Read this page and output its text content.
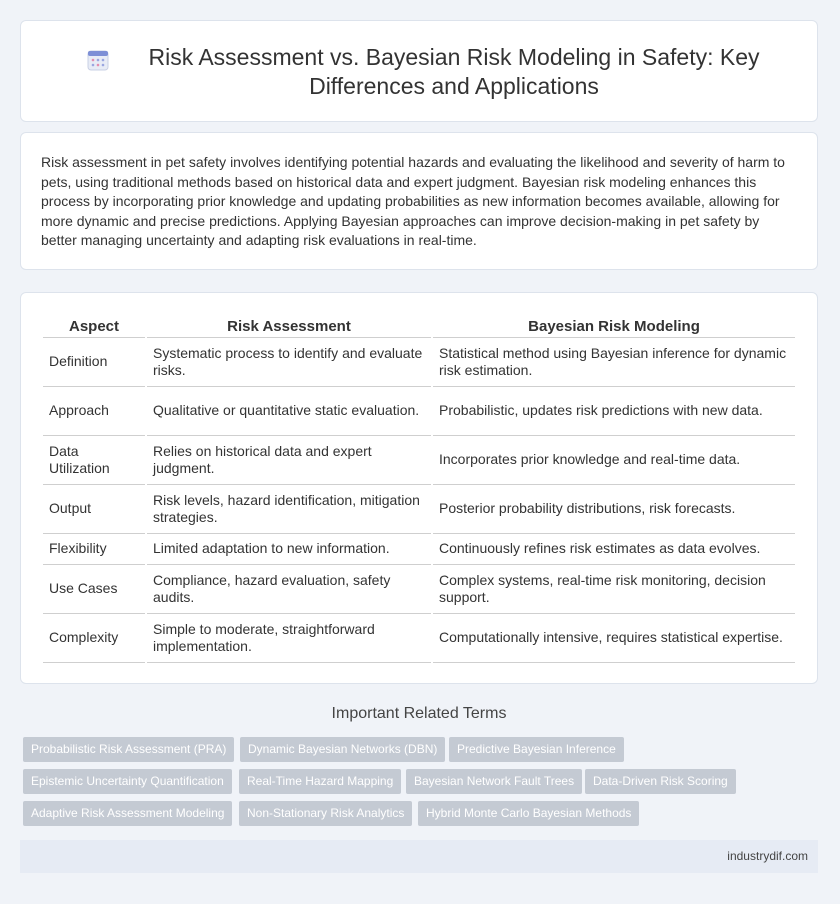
Risk Assessment vs. Bayesian Risk Modeling in Safety: Key Differences and Applications

Risk assessment in pet safety involves identifying potential hazards and evaluating the likelihood and severity of harm to pets, using traditional methods based on historical data and expert judgment. Bayesian risk modeling enhances this process by incorporating prior knowledge and updating probabilities as new information becomes available, allowing for more dynamic and precise predictions. Applying Bayesian approaches can improve decision-making in pet safety by better managing uncertainty and adapting risk evaluations in real-time.

Aspect	Risk Assessment	Bayesian Risk Modeling
Definition	Systematic process to identify and evaluate risks.	Statistical method using Bayesian inference for dynamic risk estimation.
Approach	Qualitative or quantitative static evaluation.	Probabilistic, updates risk predictions with new data.
Data Utilization	Relies on historical data and expert judgment.	Incorporates prior knowledge and real-time data.
Output	Risk levels, hazard identification, mitigation strategies.	Posterior probability distributions, risk forecasts.
Flexibility	Limited adaptation to new information.	Continuously refines risk estimates as data evolves.
Use Cases	Compliance, hazard evaluation, safety audits.	Complex systems, real-time risk monitoring, decision support.
Complexity	Simple to moderate, straightforward implementation.	Computationally intensive, requires statistical expertise.
Important Related Terms
Probabilistic Risk Assessment (PRA)	Dynamic Bayesian Networks (DBN)	Predictive Bayesian Inference
Epistemic Uncertainty Quantification	Real-Time Hazard Mapping	Bayesian Network Fault Trees	Data-Driven Risk Scoring
Adaptive Risk Assessment Modeling	Non-Stationary Risk Analytics	Hybrid Monte Carlo Bayesian Methods
industrydif.com
